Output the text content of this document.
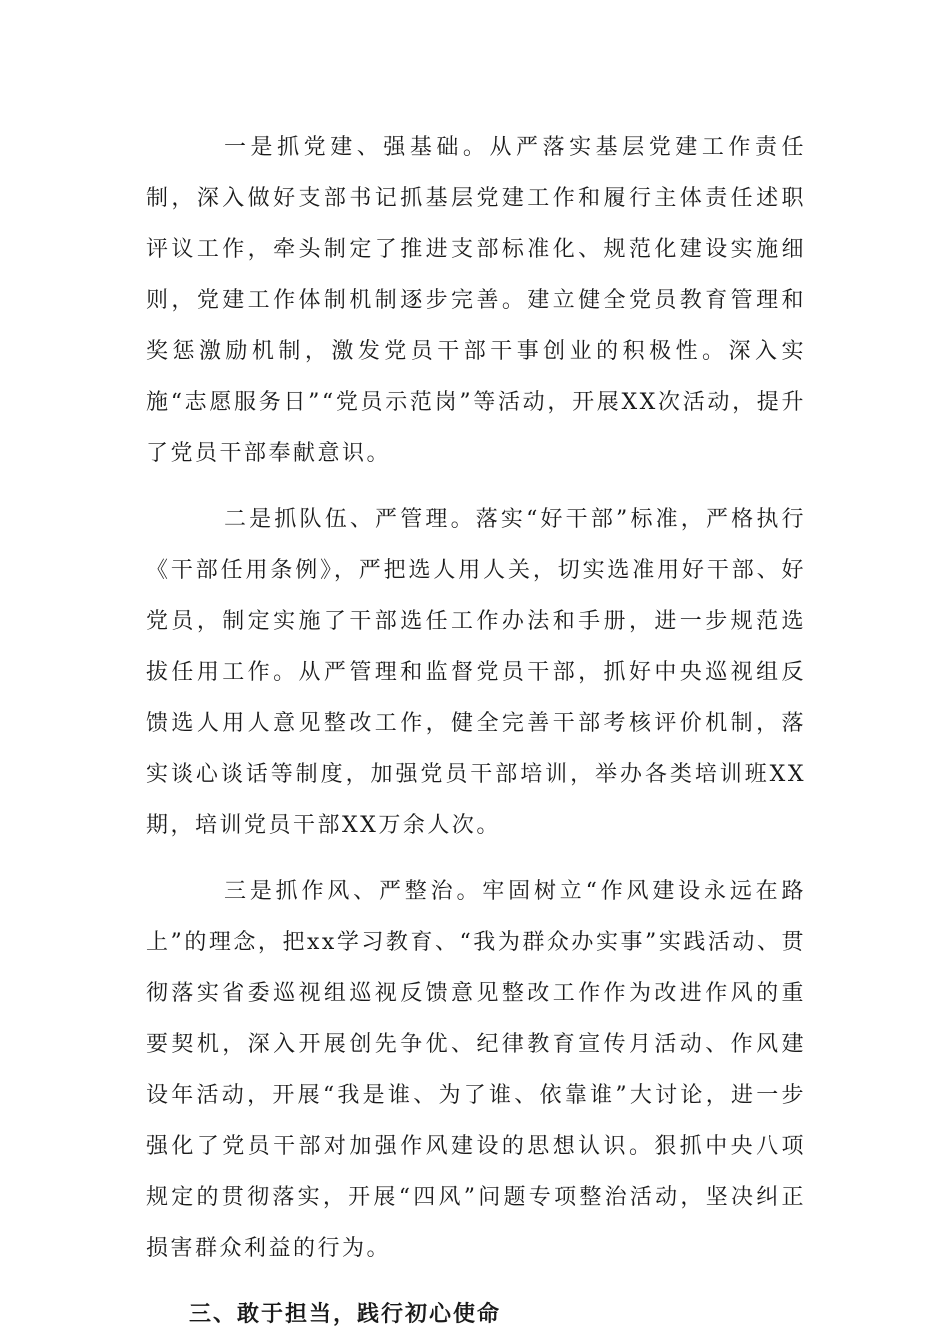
一是抓党建、强基础。从严落实基层党建工作责任制，深入做好支部书记抓基层党建工作和履行主体责任述职评议工作，牵头制定了推进支部标准化、规范化建设实施细则，党建工作体制机制逐步完善。建立健全党员教育管理和奖惩激励机制，激发党员干部干事创业的积极性。深入实施“志愿服务日”“党员示范岗”等活动，开展XX次活动，提升了党员干部奉献意识。

二是抓队伍、严管理。落实“好干部”标准，严格执行《干部任用条例》，严把选人用人关，切实选准用好干部、好党员，制定实施了干部选任工作办法和手册，进一步规范选拔任用工作。从严管理和监督党员干部，抓好中央巡视组反馈选人用人意见整改工作，健全完善干部考核评价机制，落实谈心谈话等制度，加强党员干部培训，举办各类培训班XX期，培训党员干部XX万余人次。

三是抓作风、严整治。牢固树立“作风建设永远在路上”的理念，把xx学习教育、“我为群众办实事”实践活动、贯彻落实省委巡视组巡视反馈意见整改工作作为改进作风的重要契机，深入开展创先争优、纪律教育宣传月活动、作风建设年活动，开展“我是谁、为了谁、依靠谁”大讨论，进一步强化了党员干部对加强作风建设的思想认识。狠抓中央八项规定的贯彻落实，开展“四风”问题专项整治活动，坚决纠正损害群众利益的行为。

三、敢于担当，践行初心使命
